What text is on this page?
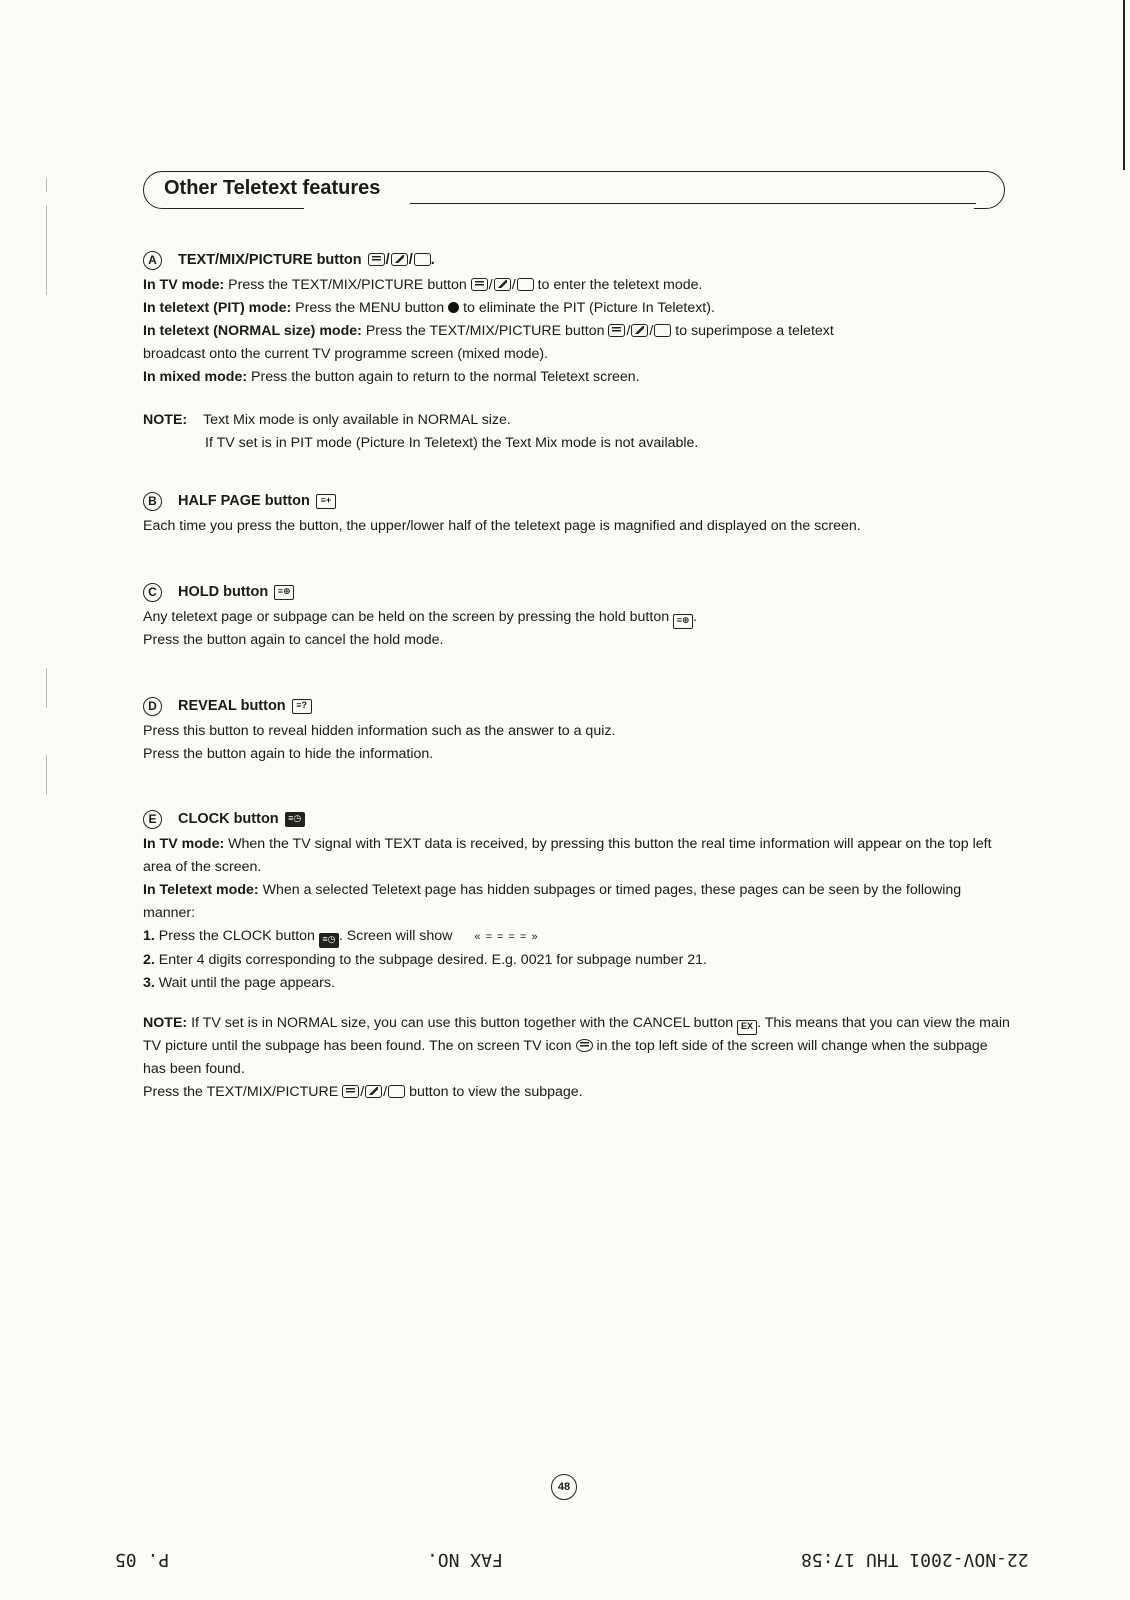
Other Teletext features
A	TEXT/MIX/PICTURE button	/ / .

In TV mode: Press the TEXT/MIX/PICTURE button / / to enter the teletext mode.

In teletext (PIT) mode: Press the MENU button to eliminate the PIT (Picture In Teletext).

In teletext (NORMAL size) mode: Press the TEXT/MIX/PICTURE button / / to superimpose a teletext

broadcast onto the current TV programme screen (mixed mode).

In mixed mode: Press the button again to return to the normal Teletext screen.

NOTE: Text Mix mode is only available in NORMAL size.

If TV set is in PIT mode (Picture In Teletext) the Text Mix mode is not available.

B	HALF PAGE button	≡+

Each time you press the button, the upper/lower half of the teletext page is magnified and displayed on the screen.

C	HOLD button	≡⊕

Any teletext page or subpage can be held on the screen by pressing the hold button ≡⊕ .

Press the button again to cancel the hold mode.

D	REVEAL button	≡?

Press this button to reveal hidden information such as the answer to a quiz.

Press the button again to hide the information.

E	CLOCK button	≡◷

In TV mode: When the TV signal with TEXT data is received, by pressing this button the real time information will appear on the top left area of the screen.

In Teletext mode: When a selected Teletext page has hidden subpages or timed pages, these pages can be seen by the following manner:

1. Press the CLOCK button ≡◷ . Screen will show « = = = = »

2. Enter 4 digits corresponding to the subpage desired. E.g. 0021 for subpage number 21.

3. Wait until the page appears.

NOTE: If TV set is in NORMAL size, you can use this button together with the CANCEL button EX . This means that you can view the main TV picture until the subpage has been found. The on screen TV icon in the top left side of the screen will change when the subpage has been found.

Press the TEXT/MIX/PICTURE / / button to view the subpage.

48
P. 05	FAX NO.	22-NOV-2001 THU 17:58
